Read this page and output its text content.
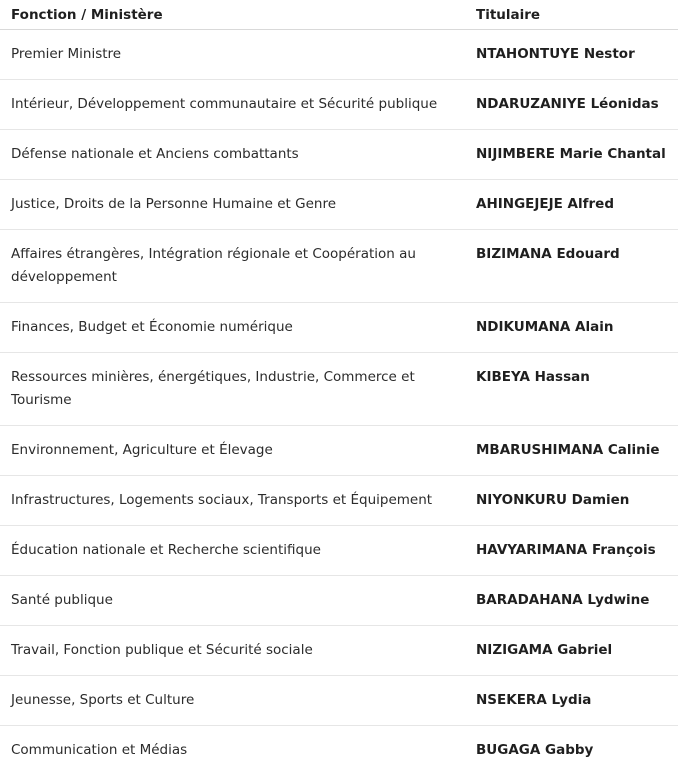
Fonction / Ministère	Titulaire
Premier Ministre	NTAHONTUYE Nestor
Intérieur, Développement communautaire et Sécurité publique	NDARUZANIYE Léonidas
Défense nationale et Anciens combattants	NIJIMBERE Marie Chantal
Justice, Droits de la Personne Humaine et Genre	AHINGEJEJE Alfred
Affaires étrangères, Intégration régionale et Coopération au développement	BIZIMANA Edouard
Finances, Budget et Économie numérique	NDIKUMANA Alain
Ressources minières, énergétiques, Industrie, Commerce et Tourisme	KIBEYA Hassan
Environnement, Agriculture et Élevage	MBARUSHIMANA Calinie
Infrastructures, Logements sociaux, Transports et Équipement	NIYONKURU Damien
Éducation nationale et Recherche scientifique	HAVYARIMANA François
Santé publique	BARADAHANA Lydwine
Travail, Fonction publique et Sécurité sociale	NIZIGAMA Gabriel
Jeunesse, Sports et Culture	NSEKERA Lydia
Communication et Médias	BUGAGA Gabby
